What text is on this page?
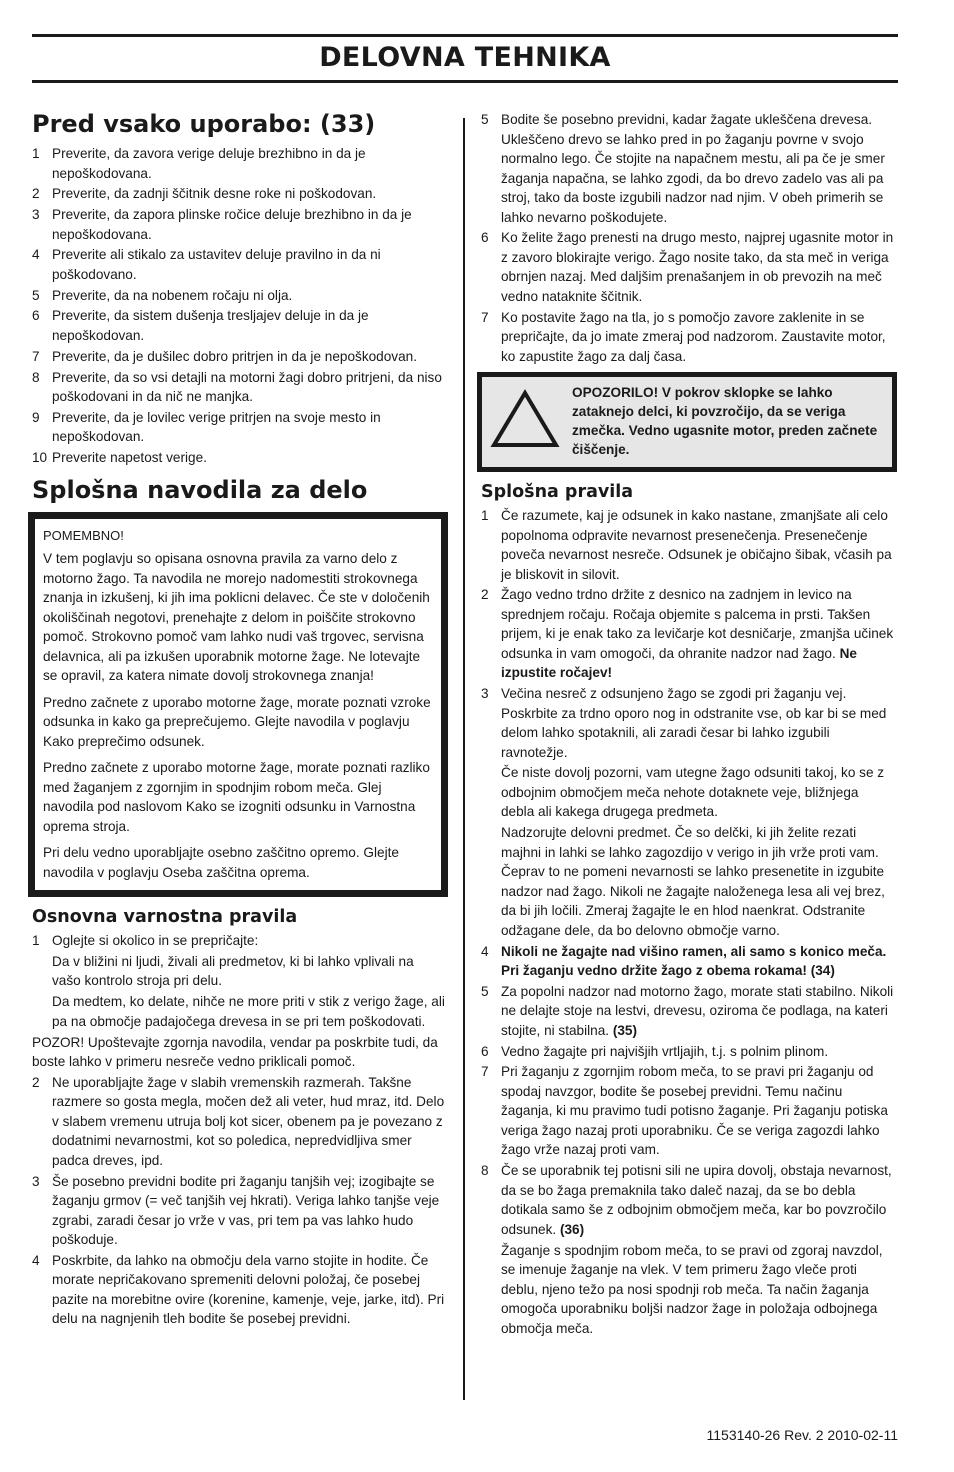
DELOVNA TEHNIKA
Pred vsako uporabo: (33)
1 Preverite, da zavora verige deluje brezhibno in da je nepoškodovana.
2 Preverite, da zadnji ščitnik desne roke ni poškodovan.
3 Preverite, da zapora plinske ročice deluje brezhibno in da je nepoškodovana.
4 Preverite ali stikalo za ustavitev deluje pravilno in da ni poškodovano.
5 Preverite, da na nobenem ročaju ni olja.
6 Preverite, da sistem dušenja tresljajev deluje in da je nepoškodovan.
7 Preverite, da je dušilec dobro pritrjen in da je nepoškodovan.
8 Preverite, da so vsi detajli na motorni žagi dobro pritrjeni, da niso poškodovani in da nič ne manjka.
9 Preverite, da je lovilec verige pritrjen na svoje mesto in nepoškodovan.
10 Preverite napetost verige.
Splošna navodila za delo
POMEMBNO!
V tem poglavju so opisana osnovna pravila za varno delo z motorno žago. Ta navodila ne morejo nadomestiti strokovnega znanja in izkušenj, ki jih ima poklicni delavec. Če ste v določenih okoliščinah negotovi, prenehajte z delom in poiščite strokovno pomoč. Strokovno pomoč vam lahko nudi vaš trgovec, servisna delavnica, ali pa izkušen uporabnik motorne žage. Ne lotevajte se opravil, za katera nimate dovolj strokovnega znanja!
Predno začnete z uporabo motorne žage, morate poznati vzroke odsunka in kako ga preprečujemo. Glejte navodila v poglavju Kako preprečimo odsunek.
Predno začnete z uporabo motorne žage, morate poznati razliko med žaganjem z zgornjim in spodnjim robom meča. Glej navodila pod naslovom Kako se izogniti odsunku in Varnostna oprema stroja.
Pri delu vedno uporabljajte osebno zaščitno opremo. Glejte navodila v poglavju Oseba zaščitna oprema.
Osnovna varnostna pravila
1 Oglejte si okolico in se prepričajte:
Da v bližini ni ljudi, živali ali predmetov, ki bi lahko vplivali na vašo kontrolo stroja pri delu.
Da medtem, ko delate, nihče ne more priti v stik z verigo žage, ali pa na območje padajočega drevesa in se pri tem poškodovati.
POZOR! Upoštevajte zgornja navodila, vendar pa poskrbite tudi, da boste lahko v primeru nesreče vedno priklicali pomoč.
2 Ne uporabljajte žage v slabih vremenskih razmerah. Takšne razmere so gosta megla, močen dež ali veter, hud mraz, itd. Delo v slabem vremenu utruja bolj kot sicer, obenem pa je povezano z dodatnimi nevarnostmi, kot so poledica, nepredvidljiva smer padca dreves, ipd.
3 Še posebno previdni bodite pri žaganju tanjših vej; izogibajte se žaganju grmov (= več tanjših vej hkrati). Veriga lahko tanjše veje zgrabi, zaradi česar jo vrže v vas, pri tem pa vas lahko hudo poškoduje.
4 Poskrbite, da lahko na območju dela varno stojite in hodite. Če morate nepričakovano spremeniti delovni položaj, če posebej pazite na morebitne ovire (korenine, kamenje, veje, jarke, itd). Pri delu na nagnjenih tleh bodite še posebej previdni.
5 Bodite še posebno previdni, kadar žagate ukleščena drevesa. Ukleščeno drevo se lahko pred in po žaganju povrne v svojo normalno lego. Če stojite na napačnem mestu, ali pa če je smer žaganja napačna, se lahko zgodi, da bo drevo zadelo vas ali pa stroj, tako da boste izgubili nadzor nad njim. V obeh primerih se lahko nevarno poškodujete.
6 Ko želite žago prenesti na drugo mesto, najprej ugasnite motor in z zavoro blokirajte verigo. Žago nosite tako, da sta meč in veriga obrnjen nazaj. Med daljšim prenašanjem in ob prevozih na meč vedno nataknite ščitnik.
7 Ko postavite žago na tla, jo s pomočjo zavore zaklenite in se prepričajte, da jo imate zmeraj pod nadzorom. Zaustavite motor, ko zapustite žago za dalj časa.
OPOZORILO! V pokrov sklopke se lahko zataknejo delci, ki povzročijo, da se veriga zmečka. Vedno ugasnite motor, preden začnete čiščenje.
Splošna pravila
1 Če razumete, kaj je odsunek in kako nastane, zmanjšate ali celo popolnoma odpravite nevarnost presenečenja. Presenečenje poveča nevarnost nesreče. Odsunek je običajno šibak, včasih pa je bliskovit in silovit.
2 Žago vedno trdno držite z desnico na zadnjem in levico na sprednjem ročaju. Ročaja objemite s palcema in prsti. Takšen prijem, ki je enak tako za levičarje kot desničarje, zmanjša učinek odsunka in vam omogoči, da ohranite nadzor nad žago. Ne izpustite ročajev!
3 Večina nesreč z odsunjeno žago se zgodi pri žaganju vej. Poskrbite za trdno oporo nog in odstranite vse, ob kar bi se med delom lahko spotaknili, ali zaradi česar bi lahko izgubili ravnotežje.
Če niste dovolj pozorni, vam utegne žago odsuniti takoj, ko se z odbojnim območjem meča nehote dotaknete veje, bližnjega debla ali kakega drugega predmeta.
Nadzorujte delovni predmet. Če so delčki, ki jih želite rezati majhni in lahki se lahko zagozdijo v verigo in jih vrže proti vam. Čeprav to ne pomeni nevarnosti se lahko presenetite in izgubite nadzor nad žago. Nikoli ne žagajte naloženega lesa ali vej brez, da bi jih ločili. Zmeraj žagajte le en hlod naenkrat. Odstranite odžagane dele, da bo delovno območje varno.
4 Nikoli ne žagajte nad višino ramen, ali samo s konico meča. Pri žaganju vedno držite žago z obema rokama! (34)
5 Za popolni nadzor nad motorno žago, morate stati stabilno. Nikoli ne delajte stoje na lestvi, drevesu, oziroma če podlaga, na kateri stojite, ni stabilna. (35)
6 Vedno žagajte pri najvišjih vrtljajih, t.j. s polnim plinom.
7 Pri žaganju z zgornjim robom meča, to se pravi pri žaganju od spodaj navzgor, bodite še posebej previdni. Temu načinu žaganja, ki mu pravimo tudi potisno žaganje. Pri žaganju potiska veriga žago nazaj proti uporabniku. Če se veriga zagozdi lahko žago vrže nazaj proti vam.
8 Če se uporabnik tej potisni sili ne upira dovolj, obstaja nevarnost, da se bo žaga premaknila tako daleč nazaj, da se bo debla dotikala samo še z odbojnim območjem meča, kar bo povzročilo odsunek. (36)
Žaganje s spodnjim robom meča, to se pravi od zgoraj navzdol, se imenuje žaganje na vlek. V tem primeru žago vleče proti deblu, njeno težo pa nosi spodnji rob meča. Ta način žaganja omogoča uporabniku boljši nadzor žage in položaja odbojnega območja meča.
1153140-26 Rev. 2 2010-02-11
